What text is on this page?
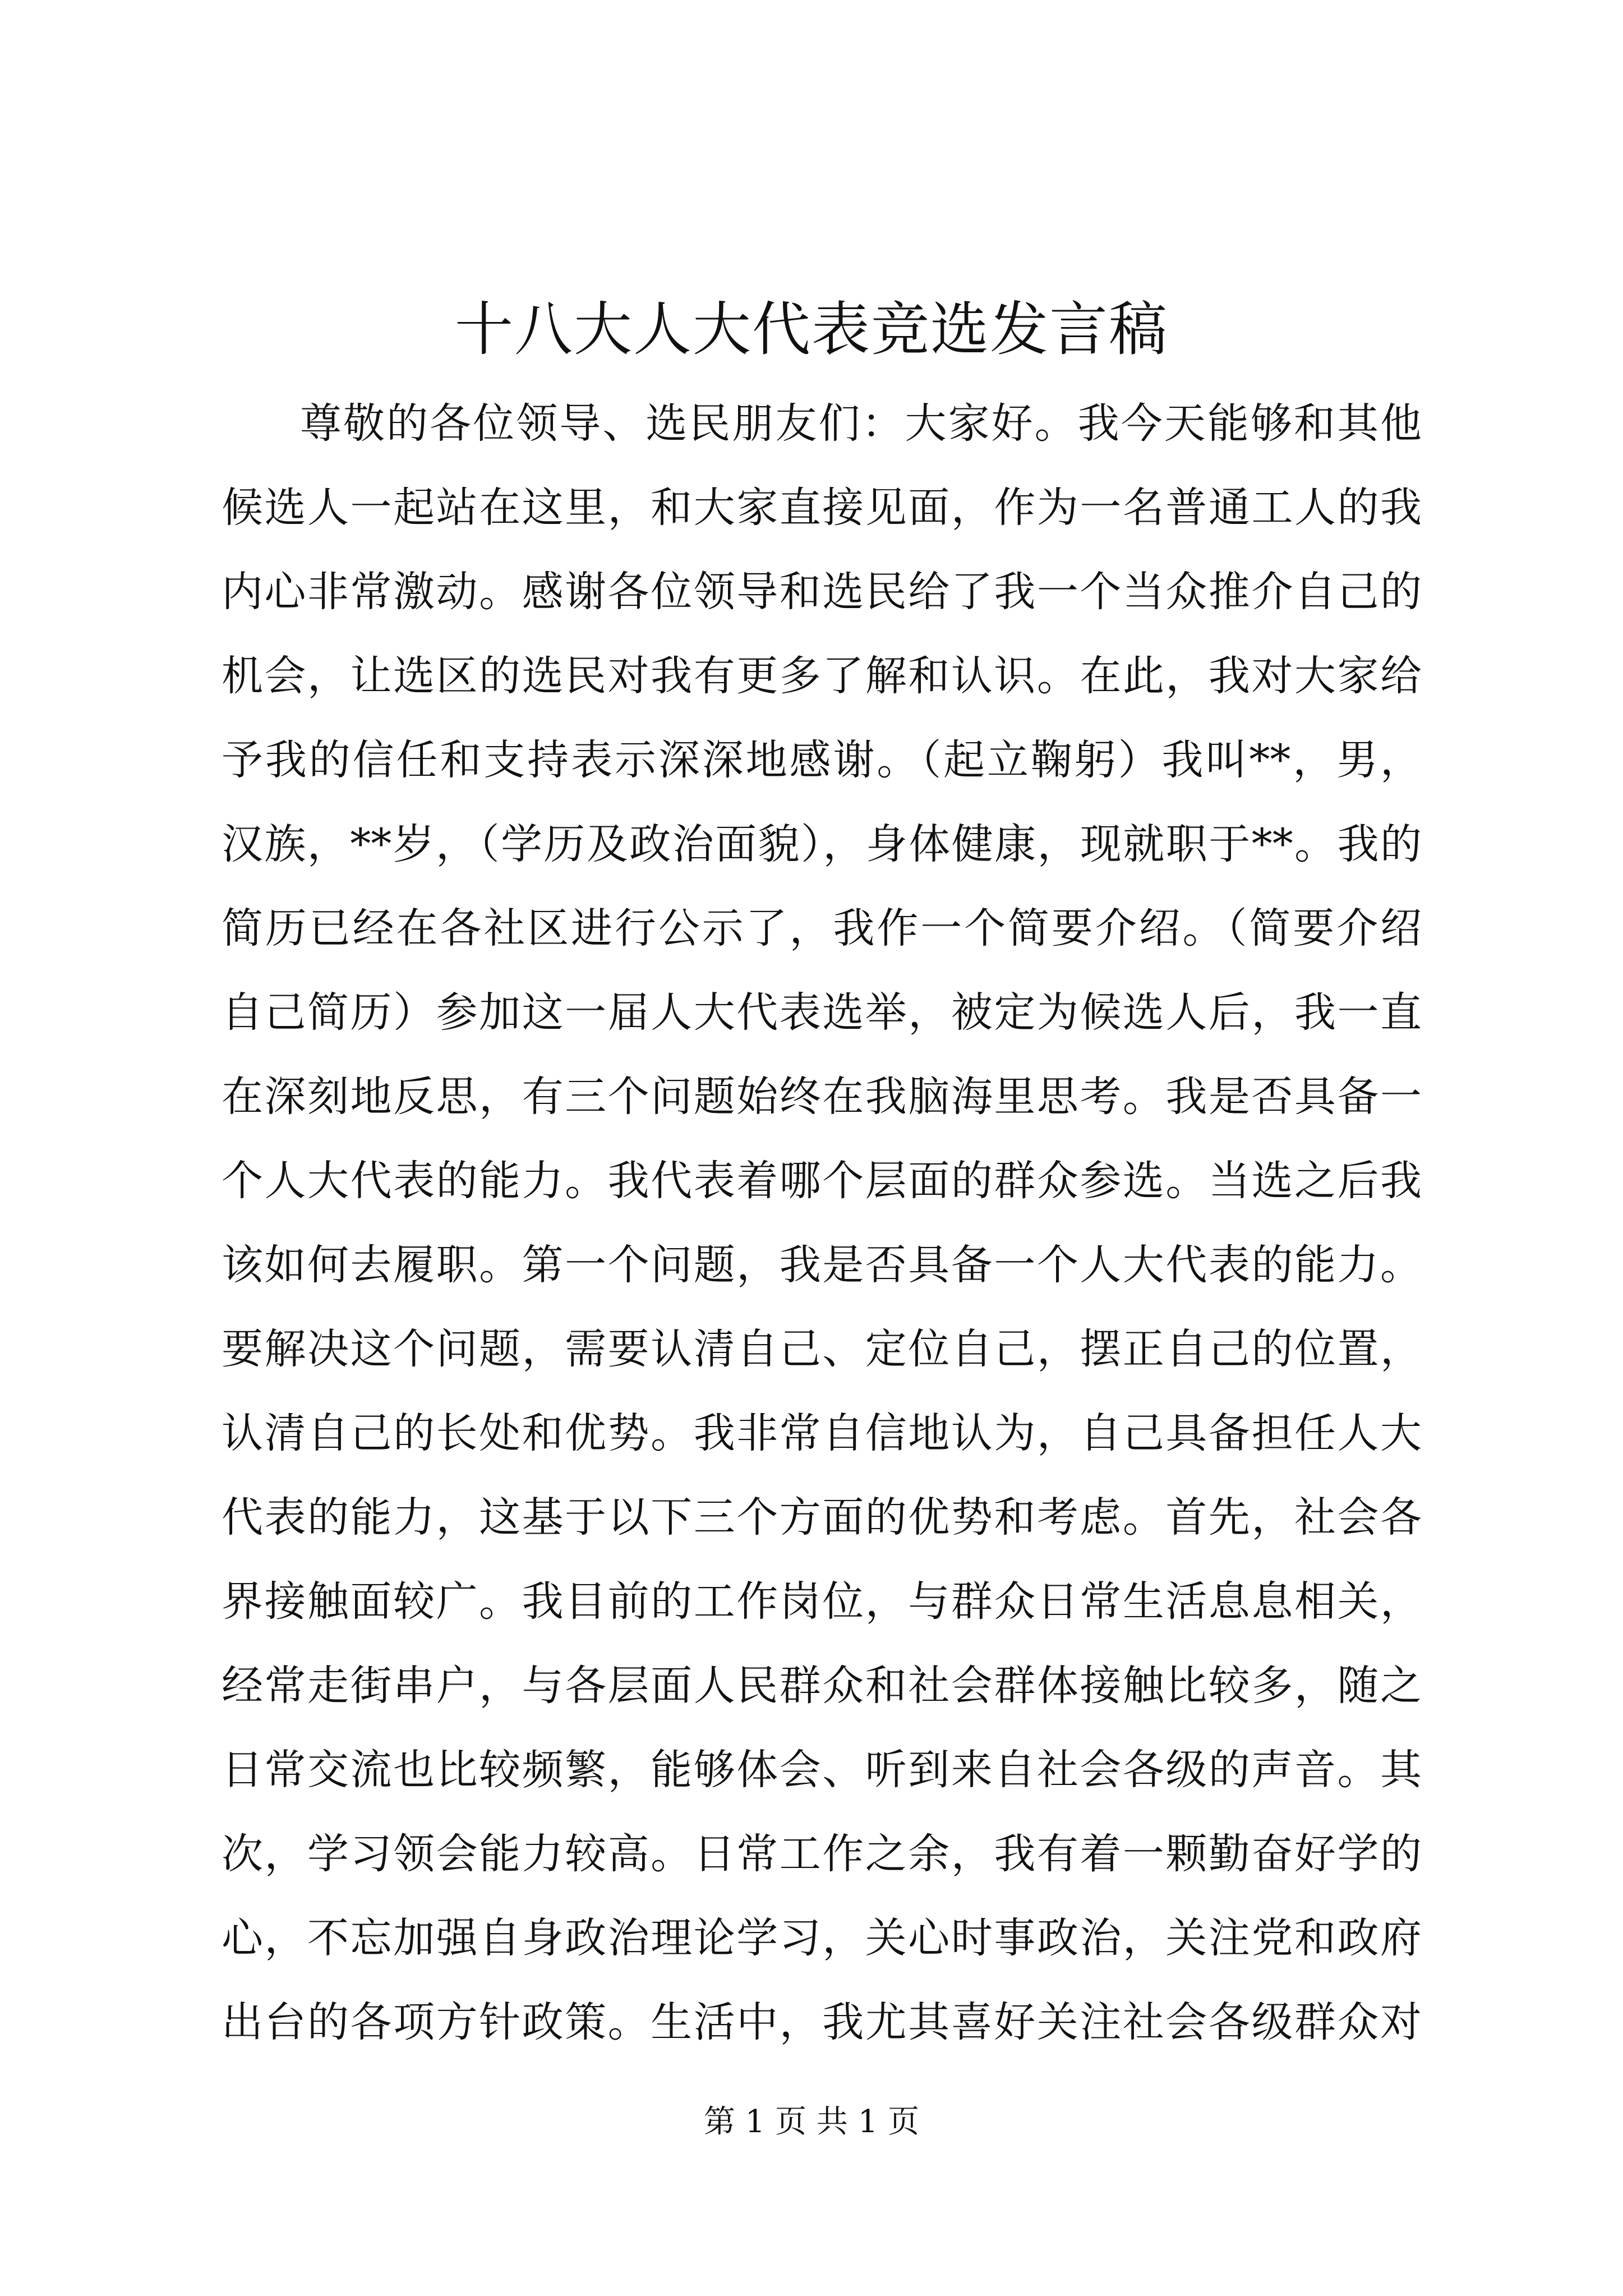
十八大人大代表竞选发言稿
尊敬的各位领导、选民朋友们：大家好。我今天能够和其他
候选人一起站在这里，和大家直接见面，作为一名普通工人的我
内心非常激动。感谢各位领导和选民给了我一个当众推介自己的
机会，让选区的选民对我有更多了解和认识。在此，我对大家给
予我的信任和支持表示深深地感谢。（起立鞠躬）我叫**，男，
汉族，**岁，（学历及政治面貌），身体健康，现就职于**。我的
简历已经在各社区进行公示了，我作一个简要介绍。（简要介绍
自己简历）参加这一届人大代表选举，被定为候选人后，我一直
在深刻地反思，有三个问题始终在我脑海里思考。我是否具备一
个人大代表的能力。我代表着哪个层面的群众参选。当选之后我
该如何去履职。第一个问题，我是否具备一个人大代表的能力。
要解决这个问题，需要认清自己、定位自己，摆正自己的位置，
认清自己的长处和优势。我非常自信地认为，自己具备担任人大
代表的能力，这基于以下三个方面的优势和考虑。首先，社会各
界接触面较广。我目前的工作岗位，与群众日常生活息息相关，
经常走街串户，与各层面人民群众和社会群体接触比较多，随之
日常交流也比较频繁，能够体会、听到来自社会各级的声音。其
次，学习领会能力较高。日常工作之余，我有着一颗勤奋好学的
心，不忘加强自身政治理论学习，关心时事政治，关注党和政府
出台的各项方针政策。生活中，我尤其喜好关注社会各级群众对
第 1 页 共 1 页
